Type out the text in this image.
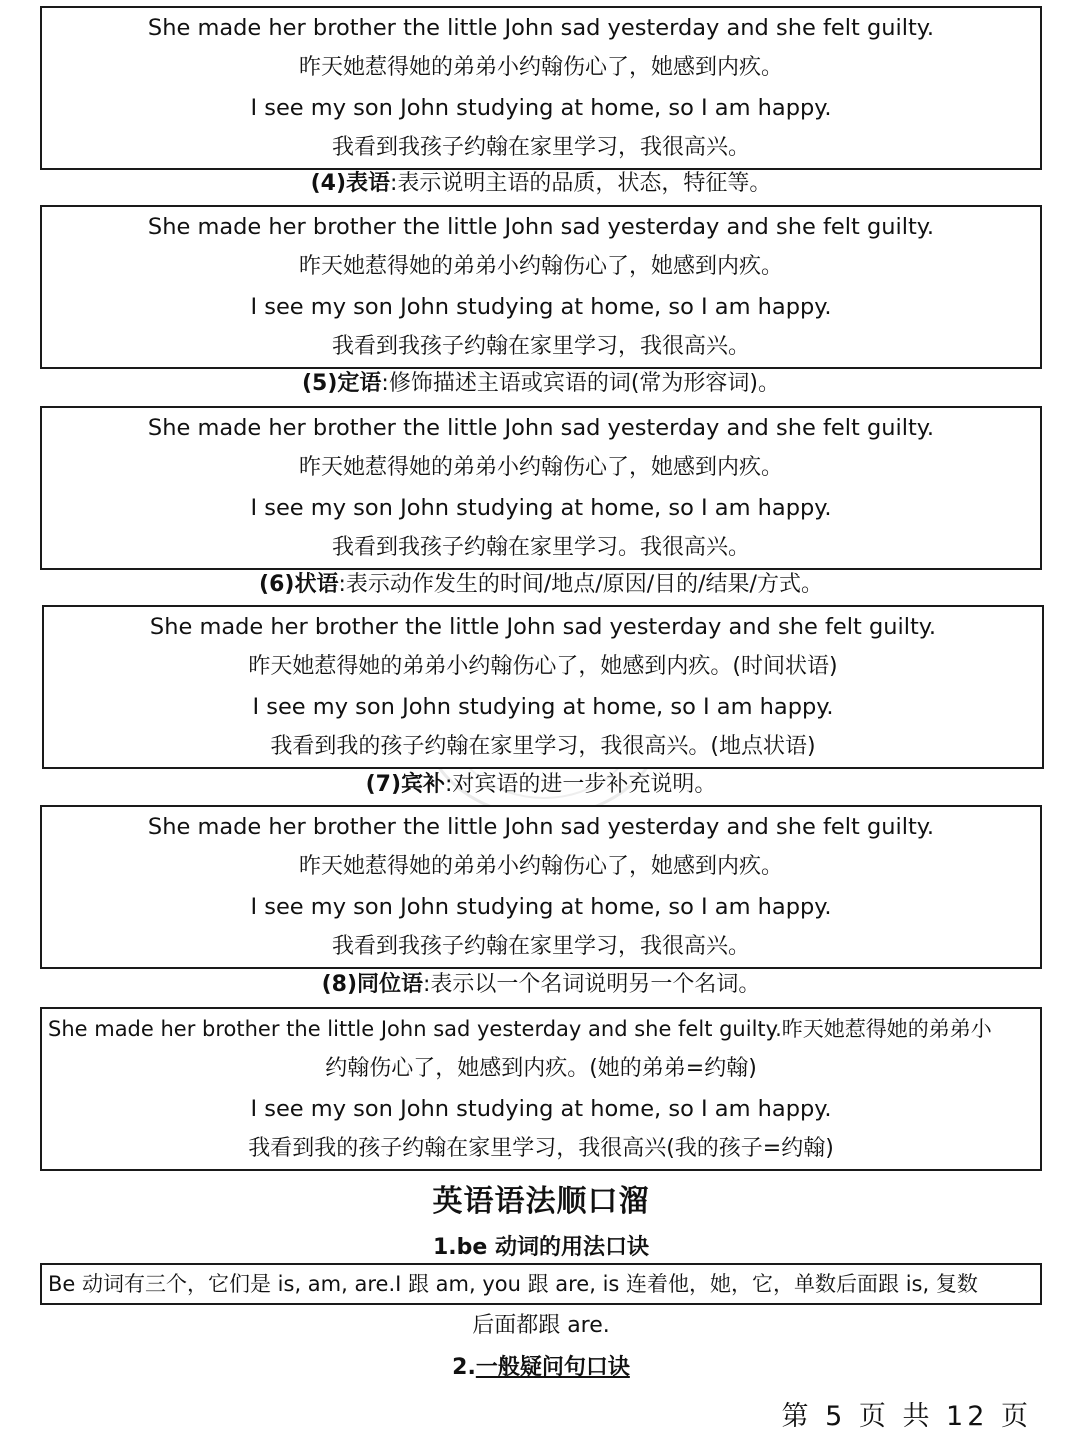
She made her brother the little John sad yesterday and she felt guilty.
昨天她惹得她的弟弟小约翰伤心了，她感到内疚。
I see my son John studying at home, so I am happy.
我看到我孩子约翰在家里学习，我很高兴。
(4)表语:表示说明主语的品质，状态，特征等。
She made her brother the little John sad yesterday and she felt guilty.
昨天她惹得她的弟弟小约翰伤心了，她感到内疚。
I see my son John studying at home, so I am happy.
我看到我孩子约翰在家里学习，我很高兴。
(5)定语:修饰描述主语或宾语的词(常为形容词)。
She made her brother the little John sad yesterday and she felt guilty.
昨天她惹得她的弟弟小约翰伤心了，她感到内疚。
I see my son John studying at home, so I am happy.
我看到我孩子约翰在家里学习。我很高兴。
(6)状语:表示动作发生的时间/地点/原因/目的/结果/方式。
She made her brother the little John sad yesterday and she felt guilty.
昨天她惹得她的弟弟小约翰伤心了，她感到内疚。(时间状语)
I see my son John studying at home, so I am happy.
我看到我的孩子约翰在家里学习，我很高兴。(地点状语)
(7)宾补:对宾语的进一步补充说明。
She made her brother the little John sad yesterday and she felt guilty.
昨天她惹得她的弟弟小约翰伤心了，她感到内疚。
I see my son John studying at home, so I am happy.
我看到我孩子约翰在家里学习，我很高兴。
(8)同位语:表示以一个名词说明另一个名词。
She made her brother the little John sad yesterday and she felt guilty.昨天她惹得她的弟弟小
约翰伤心了，她感到内疚。(她的弟弟=约翰)
I see my son John studying at home, so I am happy.
我看到我的孩子约翰在家里学习，我很高兴(我的孩子=约翰)
英语语法顺口溜
1.be 动词的用法口诀
Be 动词有三个，它们是 is, am, are.I 跟 am, you 跟 are, is 连着他，她，它，单数后面跟 is, 复数
后面都跟 are.
2.一般疑问句口诀
第 5 页 共 12 页
